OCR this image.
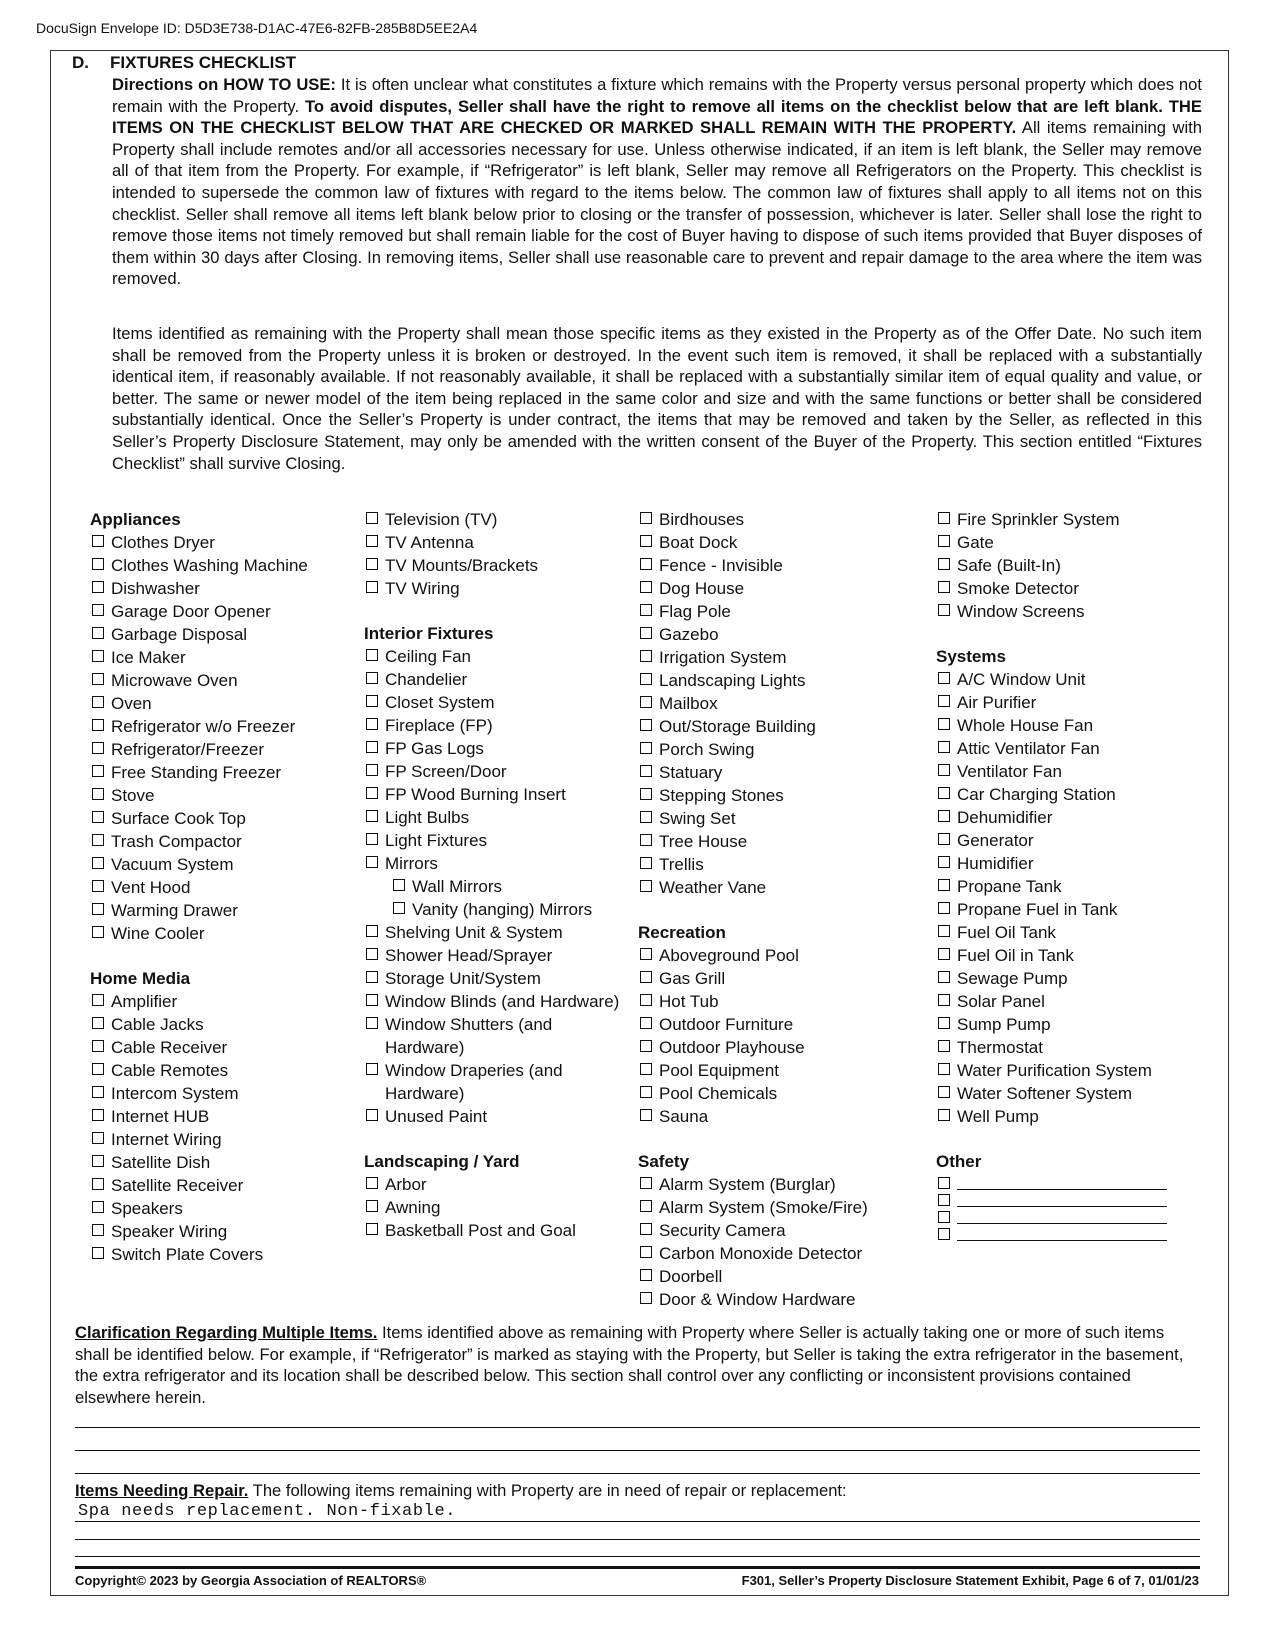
DocuSign Envelope ID: D5D3E738-D1AC-47E6-82FB-285B8D5EE2A4
D. FIXTURES CHECKLIST
Directions on HOW TO USE: It is often unclear what constitutes a fixture which remains with the Property versus personal property which does not remain with the Property. To avoid disputes, Seller shall have the right to remove all items on the checklist below that are left blank. THE ITEMS ON THE CHECKLIST BELOW THAT ARE CHECKED OR MARKED SHALL REMAIN WITH THE PROPERTY. All items remaining with Property shall include remotes and/or all accessories necessary for use. Unless otherwise indicated, if an item is left blank, the Seller may remove all of that item from the Property. For example, if “Refrigerator” is left blank, Seller may remove all Refrigerators on the Property. This checklist is intended to supersede the common law of fixtures with regard to the items below. The common law of fixtures shall apply to all items not on this checklist. Seller shall remove all items left blank below prior to closing or the transfer of possession, whichever is later. Seller shall lose the right to remove those items not timely removed but shall remain liable for the cost of Buyer having to dispose of such items provided that Buyer disposes of them within 30 days after Closing. In removing items, Seller shall use reasonable care to prevent and repair damage to the area where the item was removed.
Items identified as remaining with the Property shall mean those specific items as they existed in the Property as of the Offer Date. No such item shall be removed from the Property unless it is broken or destroyed. In the event such item is removed, it shall be replaced with a substantially identical item, if reasonably available. If not reasonably available, it shall be replaced with a substantially similar item of equal quality and value, or better. The same or newer model of the item being replaced in the same color and size and with the same functions or better shall be considered substantially identical. Once the Seller’s Property is under contract, the items that may be removed and taken by the Seller, as reflected in this Seller’s Property Disclosure Statement, may only be amended with the written consent of the Buyer of the Property. This section entitled “Fixtures Checklist” shall survive Closing.
Appliances
Clothes Dryer
Clothes Washing Machine
Dishwasher
Garage Door Opener
Garbage Disposal
Ice Maker
Microwave Oven
Oven
Refrigerator w/o Freezer
Refrigerator/Freezer
Free Standing Freezer
Stove
Surface Cook Top
Trash Compactor
Vacuum System
Vent Hood
Warming Drawer
Wine Cooler
Home Media
Amplifier
Cable Jacks
Cable Receiver
Cable Remotes
Intercom System
Internet HUB
Internet Wiring
Satellite Dish
Satellite Receiver
Speakers
Speaker Wiring
Switch Plate Covers
Television (TV)
TV Antenna
TV Mounts/Brackets
TV Wiring
Interior Fixtures
Ceiling Fan
Chandelier
Closet System
Fireplace (FP)
FP Gas Logs
FP Screen/Door
FP Wood Burning Insert
Light Bulbs
Light Fixtures
Mirrors
Wall Mirrors
Vanity (hanging) Mirrors
Shelving Unit & System
Shower Head/Sprayer
Storage Unit/System
Window Blinds (and Hardware)
Window Shutters (and Hardware)
Window Draperies (and Hardware)
Unused Paint
Landscaping / Yard
Arbor
Awning
Basketball Post and Goal
Birdhouses
Boat Dock
Fence - Invisible
Dog House
Flag Pole
Gazebo
Irrigation System
Landscaping Lights
Mailbox
Out/Storage Building
Porch Swing
Statuary
Stepping Stones
Swing Set
Tree House
Trellis
Weather Vane
Recreation
Aboveground Pool
Gas Grill
Hot Tub
Outdoor Furniture
Outdoor Playhouse
Pool Equipment
Pool Chemicals
Sauna
Safety
Alarm System (Burglar)
Alarm System (Smoke/Fire)
Security Camera
Carbon Monoxide Detector
Doorbell
Door & Window Hardware
Fire Sprinkler System
Gate
Safe (Built-In)
Smoke Detector
Window Screens
Systems
A/C Window Unit
Air Purifier
Whole House Fan
Attic Ventilator Fan
Ventilator Fan
Car Charging Station
Dehumidifier
Generator
Humidifier
Propane Tank
Propane Fuel in Tank
Fuel Oil Tank
Fuel Oil in Tank
Sewage Pump
Solar Panel
Sump Pump
Thermostat
Water Purification System
Water Softener System
Well Pump
Other
Clarification Regarding Multiple Items. Items identified above as remaining with Property where Seller is actually taking one or more of such items shall be identified below. For example, if “Refrigerator” is marked as staying with the Property, but Seller is taking the extra refrigerator in the basement, the extra refrigerator and its location shall be described below. This section shall control over any conflicting or inconsistent provisions contained elsewhere herein.
Items Needing Repair. The following items remaining with Property are in need of repair or replacement:
Spa needs replacement. Non-fixable.
Copyright© 2023 by Georgia Association of REALTORS®	F301, Seller’s Property Disclosure Statement Exhibit, Page 6 of 7, 01/01/23
